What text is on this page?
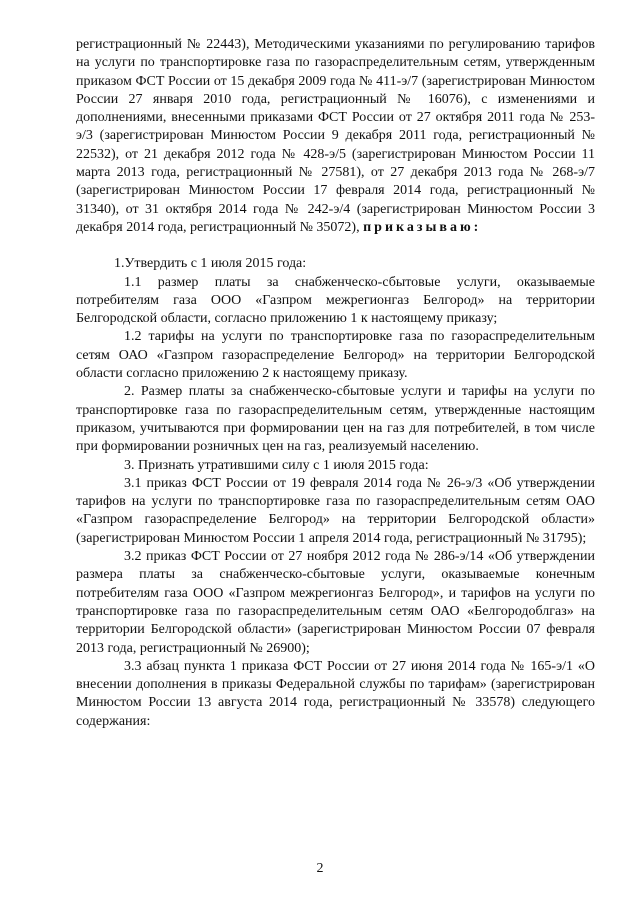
регистрационный № 22443), Методическими указаниями по регулированию тарифов на услуги по транспортировке газа по газораспределительным сетям, утвержденным приказом ФСТ России от 15 декабря 2009 года № 411-э/7 (зарегистрирован Минюстом России 27 января 2010 года, регистрационный № 16076), с изменениями и дополнениями, внесенными приказами ФСТ России от 27 октября 2011 года № 253-э/3 (зарегистрирован Минюстом России 9 декабря 2011 года, регистрационный № 22532), от 21 декабря 2012 года № 428-э/5 (зарегистрирован Минюстом России 11 марта 2013 года, регистрационный № 27581), от 27 декабря 2013 года № 268-э/7 (зарегистрирован Минюстом России 17 февраля 2014 года, регистрационный № 31340), от 31 октября 2014 года № 242-э/4 (зарегистрирован Минюстом России 3 декабря 2014 года, регистрационный № 35072), приказываю:

1.Утвердить с 1 июля 2015 года:

1.1 размер платы за снабженческо-сбытовые услуги, оказываемые потребителям газа ООО «Газпром межрегионгаз Белгород» на территории Белгородской области, согласно приложению 1 к настоящему приказу;

1.2 тарифы на услуги по транспортировке газа по газораспределительным сетям ОАО «Газпром газораспределение Белгород» на территории Белгородской области согласно приложению 2 к настоящему приказу.

2. Размер платы за снабженческо-сбытовые услуги и тарифы на услуги по транспортировке газа по газораспределительным сетям, утвержденные настоящим приказом, учитываются при формировании цен на газ для потребителей, в том числе при формировании розничных цен на газ, реализуемый населению.

3. Признать утратившими силу с 1 июля 2015 года:

3.1 приказ ФСТ России от 19 февраля 2014 года № 26-э/3 «Об утверждении тарифов на услуги по транспортировке газа по газораспределительным сетям ОАО «Газпром газораспределение Белгород» на территории Белгородской области» (зарегистрирован Минюстом России 1 апреля 2014 года, регистрационный № 31795);

3.2 приказ ФСТ России от 27 ноября 2012 года № 286-э/14 «Об утверждении размера платы за снабженческо-сбытовые услуги, оказываемые конечным потребителям газа ООО «Газпром межрегионгаз Белгород», и тарифов на услуги по транспортировке газа по газораспределительным сетям ОАО «Белгородоблгаз» на территории Белгородской области» (зарегистрирован Минюстом России 07 февраля 2013 года, регистрационный № 26900);

3.3 абзац пункта 1 приказа ФСТ России от 27 июня 2014 года № 165-э/1 «О внесении дополнения в приказы Федеральной службы по тарифам» (зарегистрирован Минюстом России 13 августа 2014 года, регистрационный № 33578) следующего содержания:

2
